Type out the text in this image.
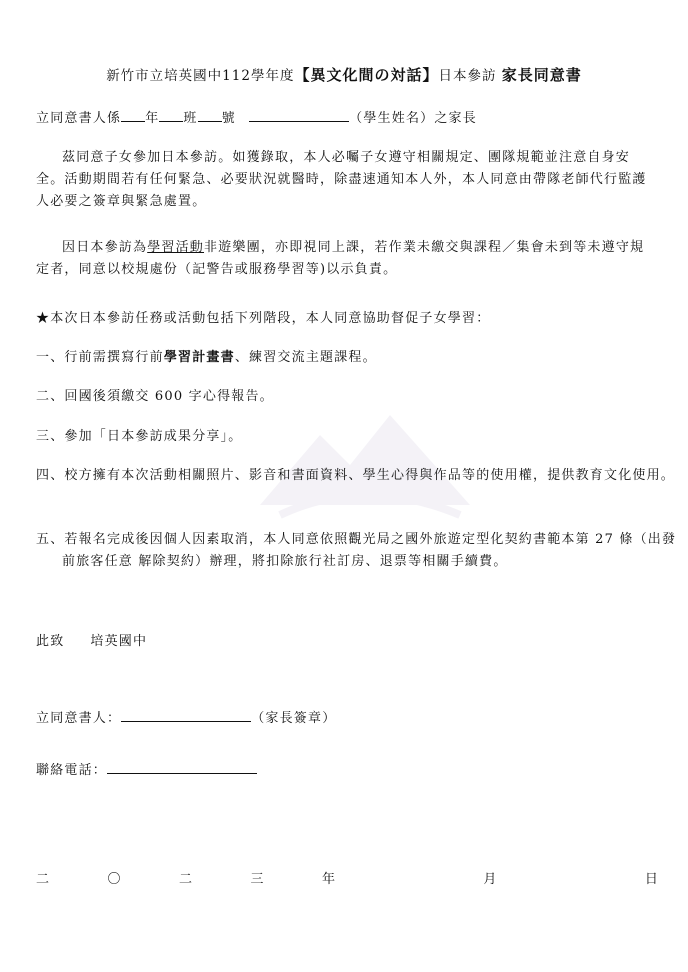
新竹市立培英國中112學年度【異文化間の対話】日本參訪 家長同意書
立同意書人係 年 班 號	（學生姓名）之家長
茲同意子女參加日本參訪。如獲錄取，本人必囑子女遵守相關規定、團隊規範並注意自身安全。活動期間若有任何緊急、必要狀況就醫時，除盡速通知本人外，本人同意由帶隊老師代行監護人必要之簽章與緊急處置。
因日本參訪為學習活動非遊樂團，亦即視同上課，若作業未繳交與課程／集會未到等未遵守規定者，同意以校規處份（記警告或服務學習等)以示負責。
★本次日本參訪任務或活動包括下列階段，本人同意協助督促子女學習：
一、行前需撰寫行前學習計畫書、練習交流主題課程。
二、回國後須繳交 600 字心得報告。
三、參加「日本參訪成果分享」。
四、校方擁有本次活動相關照片、影音和書面資料、學生心得與作品等的使用權，提供教育文化使用。
五、若報名完成後因個人因素取消，本人同意依照觀光局之國外旅遊定型化契約書範本第 27 條（出發前旅客任意 解除契約）辦理，將扣除旅行社訂房、退票等相關手續費。
此致 培英國中
立同意書人：	（家長簽章）
聯絡電話：
二	〇	二	三	年	月	日
